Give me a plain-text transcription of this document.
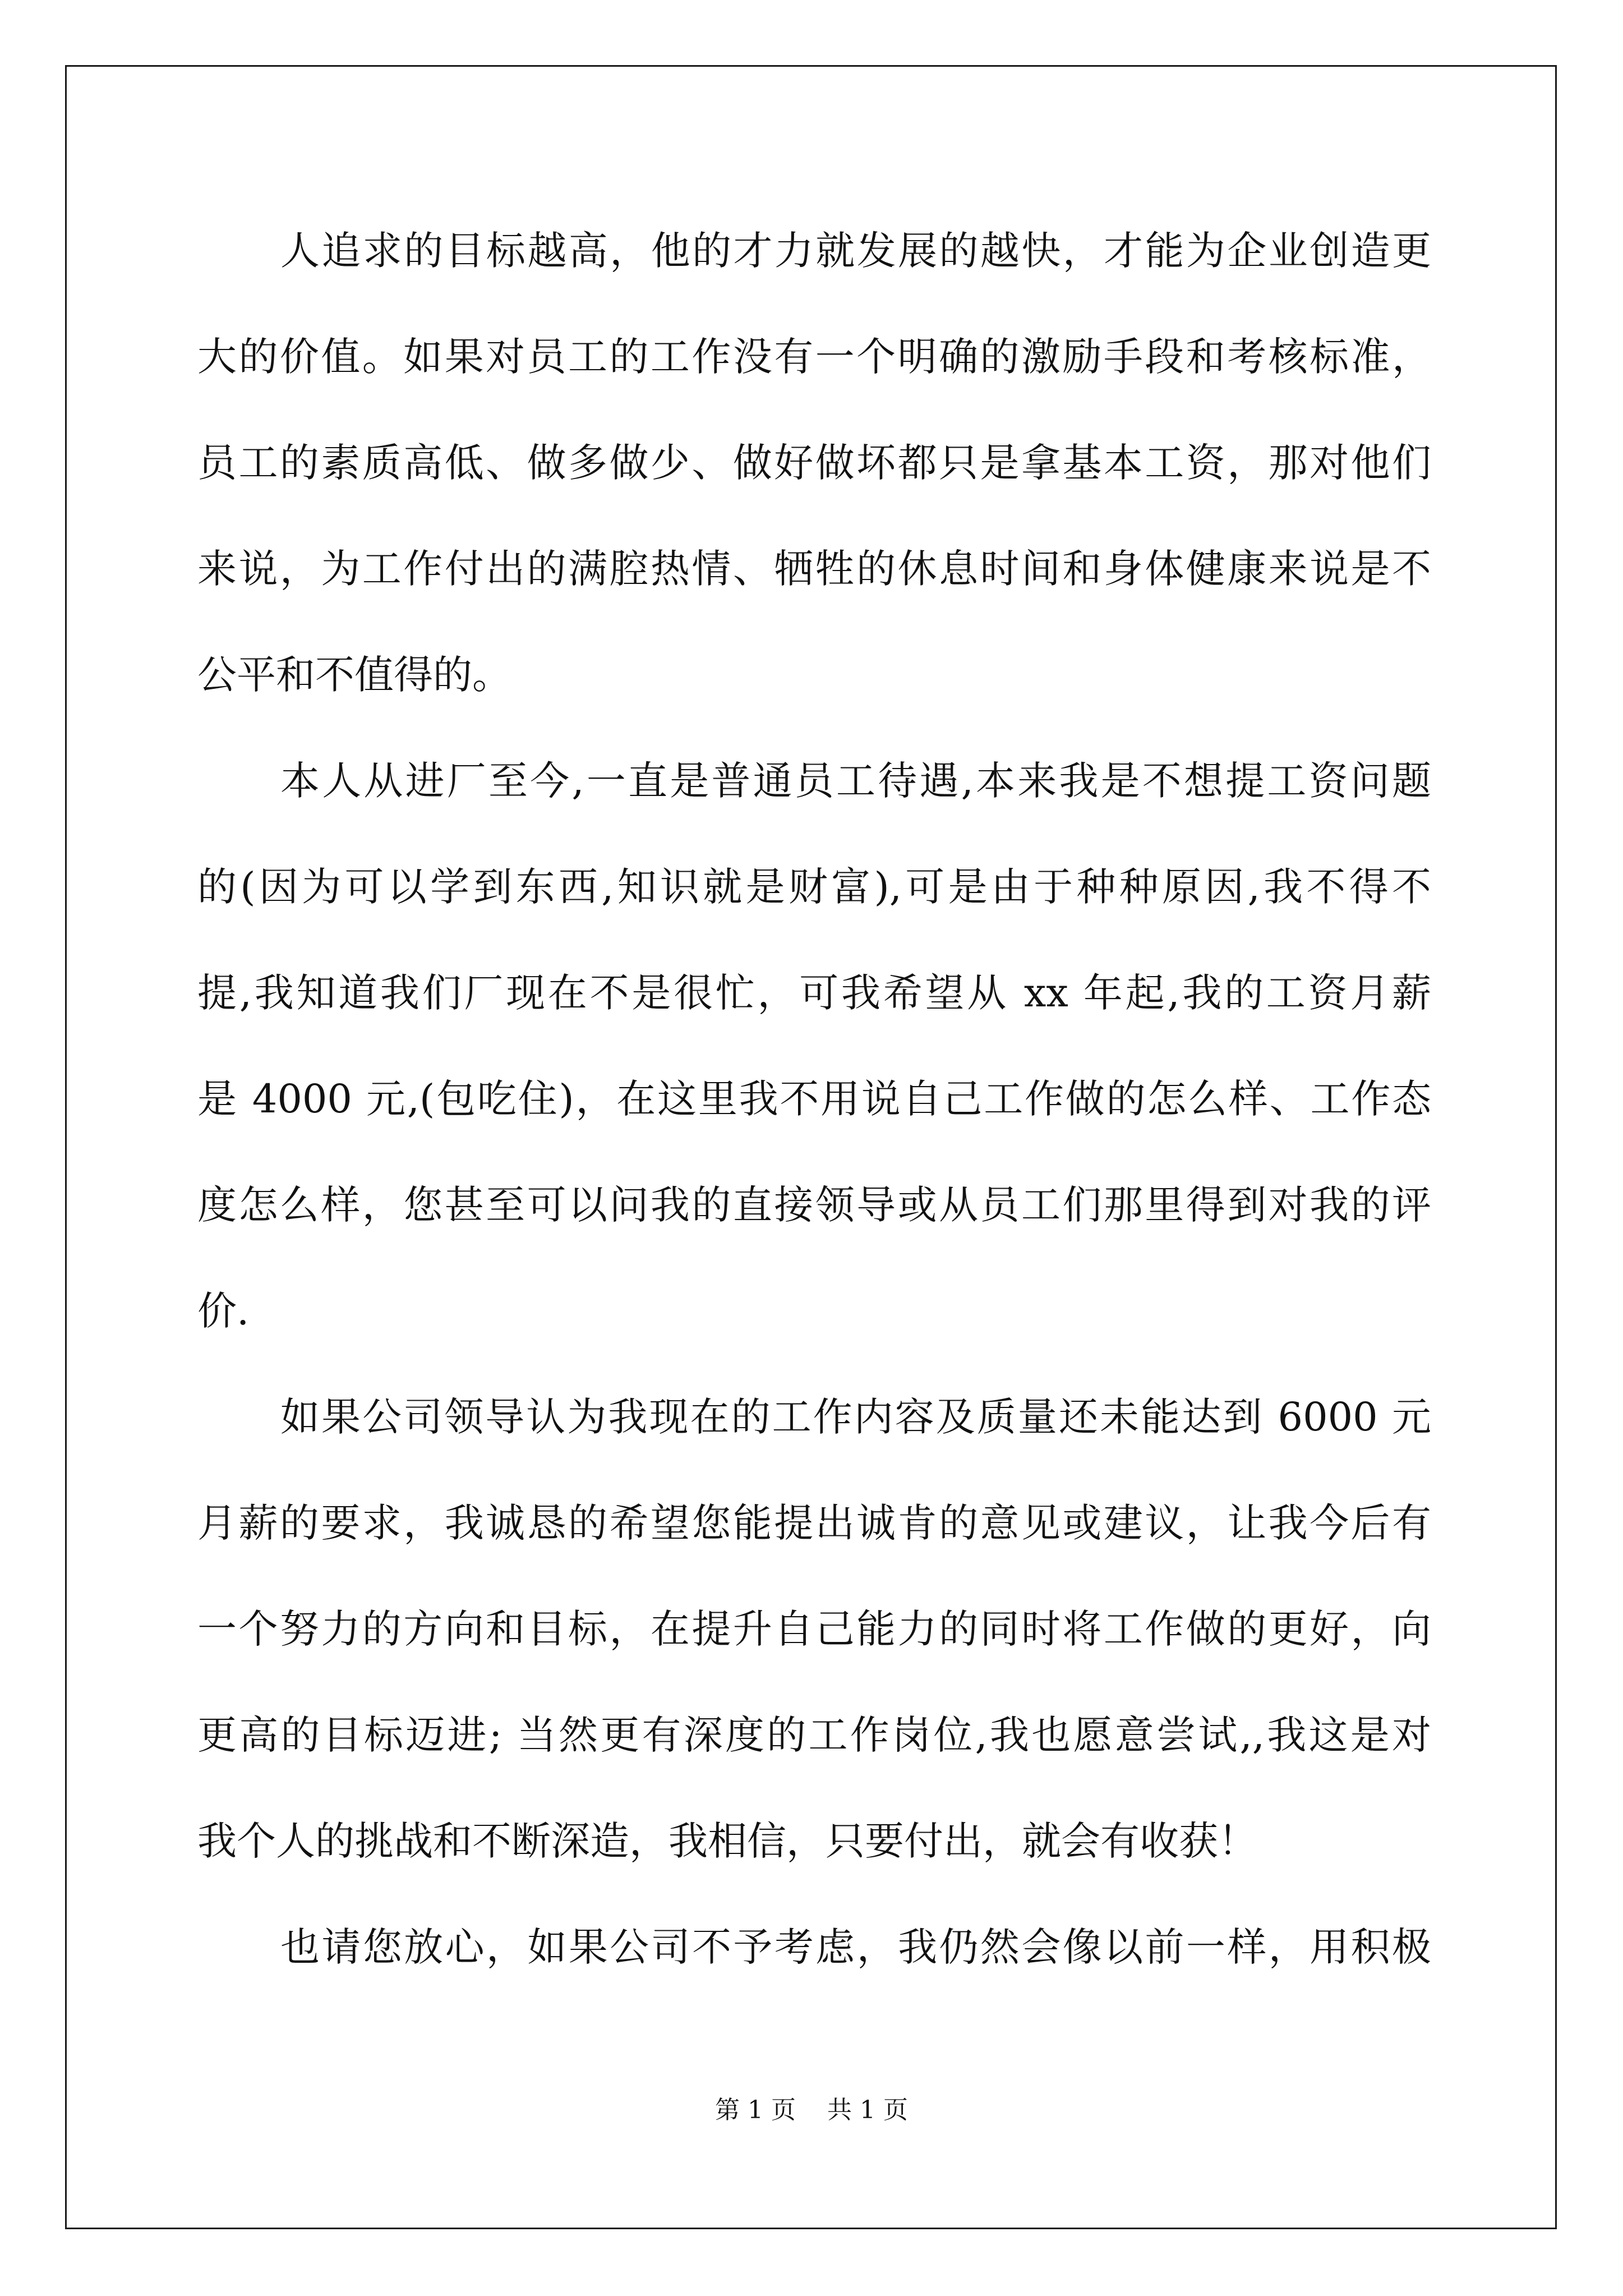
人追求的目标越高，他的才力就发展的越快，才能为企业创造更
大的价值。如果对员工的工作没有一个明确的激励手段和考核标准，
员工的素质高低、做多做少、做好做坏都只是拿基本工资，那对他们
来说，为工作付出的满腔热情、牺牲的休息时间和身体健康来说是不
公平和不值得的。
本人从进厂至今,一直是普通员工待遇,本来我是不想提工资问题
的(因为可以学到东西,知识就是财富),可是由于种种原因,我不得不
提,我知道我们厂现在不是很忙，可我希望从 xx 年起,我的工资月薪
是 4000 元,(包吃住)，在这里我不用说自己工作做的怎么样、工作态
度怎么样，您甚至可以问我的直接领导或从员工们那里得到对我的评
价.
如果公司领导认为我现在的工作内容及质量还未能达到 6000 元
月薪的要求，我诚恳的希望您能提出诚肯的意见或建议，让我今后有
一个努力的方向和目标，在提升自己能力的同时将工作做的更好，向
更高的目标迈进; 当然更有深度的工作岗位,我也愿意尝试,,我这是对
我个人的挑战和不断深造，我相信，只要付出，就会有收获！
也请您放心，如果公司不予考虑，我仍然会像以前一样，用积极
第 1 页 共 1 页
